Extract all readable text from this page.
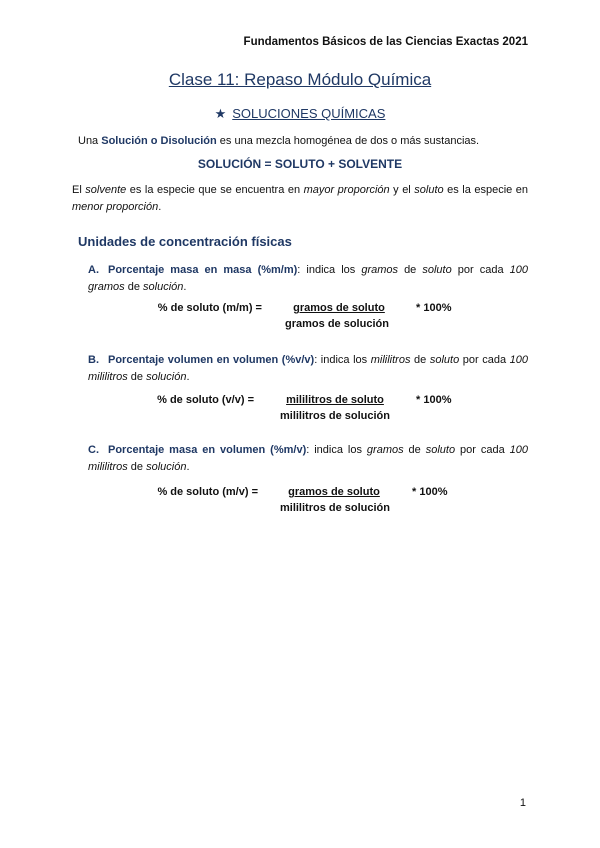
Fundamentos Básicos de las Ciencias Exactas 2021
Clase 11: Repaso Módulo Química
★ SOLUCIONES QUÍMICAS
Una Solución o Disolución es una mezcla homogénea de dos o más sustancias.
SOLUCIÓN = SOLUTO + SOLVENTE
El solvente es la especie que se encuentra en mayor proporción y el soluto es la especie en menor proporción.
Unidades de concentración físicas
A. Porcentaje masa en masa (%m/m): indica los gramos de soluto por cada 100 gramos de solución.
% de soluto (m/m) =	gramos de soluto	* 100%
gramos de solución
B. Porcentaje volumen en volumen (%v/v): indica los mililitros de soluto por cada 100 mililitros de solución.
% de soluto (v/v) =	mililitros de soluto	* 100%
mililitros de solución
C. Porcentaje masa en volumen (%m/v): indica los gramos de soluto por cada 100 mililitros de solución.
% de soluto (m/v) =	gramos de soluto	* 100%
mililitros de solución
1
